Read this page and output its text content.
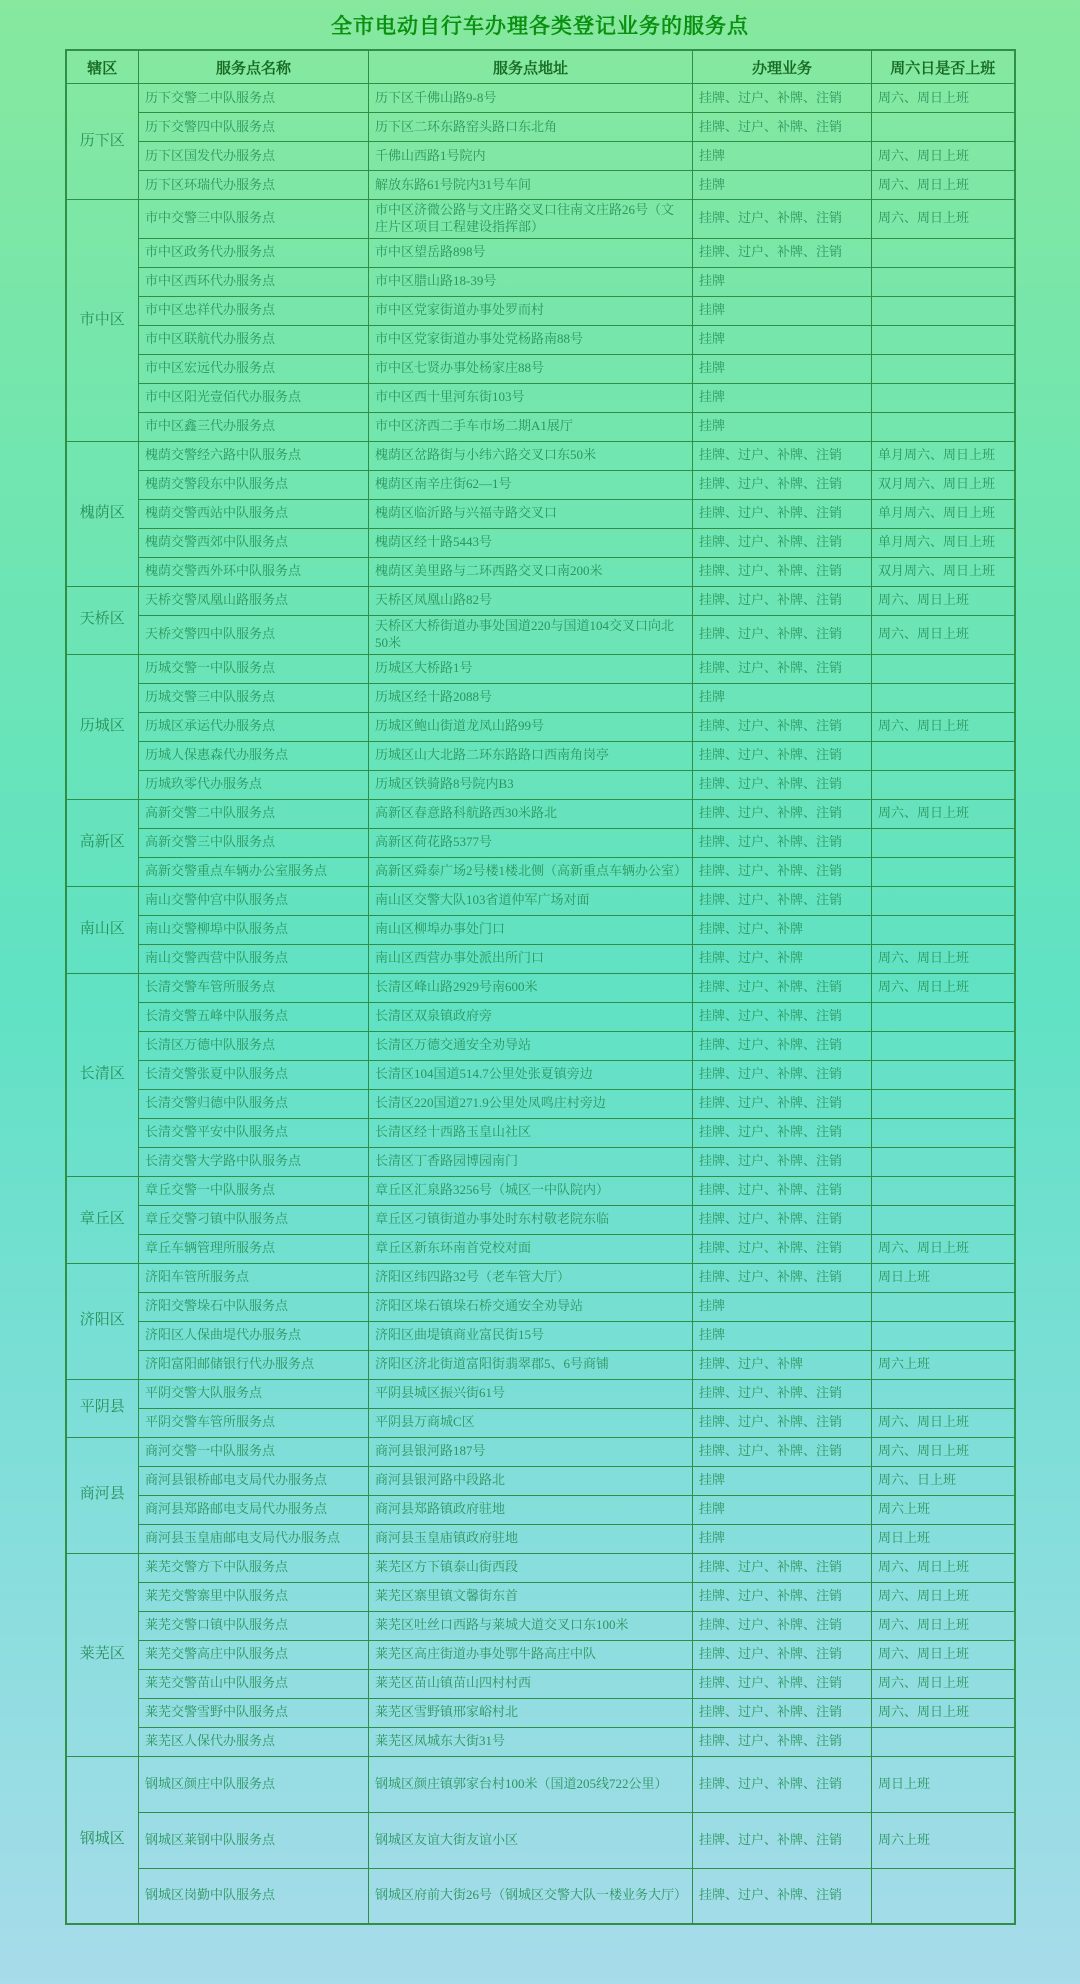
全市电动自行车办理各类登记业务的服务点
辖区	服务点名称	服务点地址	办理业务	周六日是否上班
历下区	历下交警二中队服务点	历下区千佛山路9-8号	挂牌、过户、补牌、注销	周六、周日上班
	历下交警四中队服务点	历下区二环东路窑头路口东北角	挂牌、过户、补牌、注销	
	历下区国发代办服务点	千佛山西路1号院内	挂牌	周六、周日上班
	历下区环瑞代办服务点	解放东路61号院内31号车间	挂牌	周六、周日上班
市中区	市中交警三中队服务点	市中区济微公路与文庄路交叉口往南文庄路26号（文庄片区项目工程建设指挥部）	挂牌、过户、补牌、注销	周六、周日上班
	市中区政务代办服务点	市中区望岳路898号	挂牌、过户、补牌、注销	
	市中区西环代办服务点	市中区腊山路18-39号	挂牌	
	市中区忠祥代办服务点	市中区党家街道办事处罗而村	挂牌	
	市中区联航代办服务点	市中区党家街道办事处党杨路南88号	挂牌	
	市中区宏远代办服务点	市中区七贤办事处杨家庄88号	挂牌	
	市中区阳光壹佰代办服务点	市中区西十里河东街103号	挂牌	
	市中区鑫三代办服务点	市中区济西二手车市场二期A1展厅	挂牌	
槐荫区	槐荫交警经六路中队服务点	槐荫区岔路街与小纬六路交叉口东50米	挂牌、过户、补牌、注销	单月周六、周日上班
	槐荫交警段东中队服务点	槐荫区南辛庄街62—1号	挂牌、过户、补牌、注销	双月周六、周日上班
	槐荫交警西站中队服务点	槐荫区临沂路与兴福寺路交叉口	挂牌、过户、补牌、注销	单月周六、周日上班
	槐荫交警西郊中队服务点	槐荫区经十路5443号	挂牌、过户、补牌、注销	单月周六、周日上班
	槐荫交警西外环中队服务点	槐荫区美里路与二环西路交叉口南200米	挂牌、过户、补牌、注销	双月周六、周日上班
天桥区	天桥交警凤凰山路服务点	天桥区凤凰山路82号	挂牌、过户、补牌、注销	周六、周日上班
	天桥交警四中队服务点	天桥区大桥街道办事处国道220与国道104交叉口向北50米	挂牌、过户、补牌、注销	周六、周日上班
历城区	历城交警一中队服务点	历城区大桥路1号	挂牌、过户、补牌、注销	
	历城交警三中队服务点	历城区经十路2088号	挂牌	
	历城区承运代办服务点	历城区鲍山街道龙凤山路99号	挂牌、过户、补牌、注销	周六、周日上班
	历城人保惠森代办服务点	历城区山大北路二环东路路口西南角岗亭	挂牌、过户、补牌、注销	
	历城玖零代办服务点	历城区铁骑路8号院内B3	挂牌、过户、补牌、注销	
高新区	高新交警二中队服务点	高新区春意路科航路西30米路北	挂牌、过户、补牌、注销	周六、周日上班
	高新交警三中队服务点	高新区荷花路5377号	挂牌、过户、补牌、注销	
	高新交警重点车辆办公室服务点	高新区舜泰广场2号楼1楼北侧（高新重点车辆办公室）	挂牌、过户、补牌、注销	
南山区	南山交警仲宫中队服务点	南山区交警大队103省道仲军广场对面	挂牌、过户、补牌、注销	
	南山交警柳埠中队服务点	南山区柳埠办事处门口	挂牌、过户、补牌	
	南山交警西营中队服务点	南山区西营办事处派出所门口	挂牌、过户、补牌	周六、周日上班
长清区	长清交警车管所服务点	长清区峰山路2929号南600米	挂牌、过户、补牌、注销	周六、周日上班
	长清交警五峰中队服务点	长清区双泉镇政府旁	挂牌、过户、补牌、注销	
	长清区万德中队服务点	长清区万德交通安全劝导站	挂牌、过户、补牌、注销	
	长清交警张夏中队服务点	长清区104国道514.7公里处张夏镇旁边	挂牌、过户、补牌、注销	
	长清交警归德中队服务点	长清区220国道271.9公里处凤鸣庄村旁边	挂牌、过户、补牌、注销	
	长清交警平安中队服务点	长清区经十西路玉皇山社区	挂牌、过户、补牌、注销	
	长清交警大学路中队服务点	长清区丁香路园博园南门	挂牌、过户、补牌、注销	
章丘区	章丘交警一中队服务点	章丘区汇泉路3256号（城区一中队院内）	挂牌、过户、补牌、注销	
	章丘交警刁镇中队服务点	章丘区刁镇街道办事处时东村敬老院东临	挂牌、过户、补牌、注销	
	章丘车辆管理所服务点	章丘区新东环南首党校对面	挂牌、过户、补牌、注销	周六、周日上班
济阳区	济阳车管所服务点	济阳区纬四路32号（老车管大厅）	挂牌、过户、补牌、注销	周日上班
	济阳交警垛石中队服务点	济阳区垛石镇垛石桥交通安全劝导站	挂牌	
	济阳区人保曲堤代办服务点	济阳区曲堤镇商业富民街15号	挂牌	
	济阳富阳邮储银行代办服务点	济阳区济北街道富阳街翡翠郡5、6号商铺	挂牌、过户、补牌	周六上班
平阴县	平阴交警大队服务点	平阴县城区振兴街61号	挂牌、过户、补牌、注销	
	平阴交警车管所服务点	平阴县万商城C区	挂牌、过户、补牌、注销	周六、周日上班
商河县	商河交警一中队服务点	商河县银河路187号	挂牌、过户、补牌、注销	周六、周日上班
	商河县银桥邮电支局代办服务点	商河县银河路中段路北	挂牌	周六、日上班
	商河县郑路邮电支局代办服务点	商河县郑路镇政府驻地	挂牌	周六上班
	商河县玉皇庙邮电支局代办服务点	商河县玉皇庙镇政府驻地	挂牌	周日上班
莱芜区	莱芜交警方下中队服务点	莱芜区方下镇泰山街西段	挂牌、过户、补牌、注销	周六、周日上班
	莱芜交警寨里中队服务点	莱芜区寨里镇文馨街东首	挂牌、过户、补牌、注销	周六、周日上班
	莱芜交警口镇中队服务点	莱芜区吐丝口西路与莱城大道交叉口东100米	挂牌、过户、补牌、注销	周六、周日上班
	莱芜交警高庄中队服务点	莱芜区高庄街道办事处鄂牛路高庄中队	挂牌、过户、补牌、注销	周六、周日上班
	莱芜交警苗山中队服务点	莱芜区苗山镇苗山四村村西	挂牌、过户、补牌、注销	周六、周日上班
	莱芜交警雪野中队服务点	莱芜区雪野镇邢家峪村北	挂牌、过户、补牌、注销	周六、周日上班
	莱芜区人保代办服务点	莱芜区凤城东大街31号	挂牌、过户、补牌、注销	
钢城区	钢城区颜庄中队服务点	钢城区颜庄镇郭家台村100米（国道205线722公里）	挂牌、过户、补牌、注销	周日上班
	钢城区莱钢中队服务点	钢城区友谊大街友谊小区	挂牌、过户、补牌、注销	周六上班
	钢城区岗勤中队服务点	钢城区府前大街26号（钢城区交警大队一楼业务大厅）	挂牌、过户、补牌、注销	
